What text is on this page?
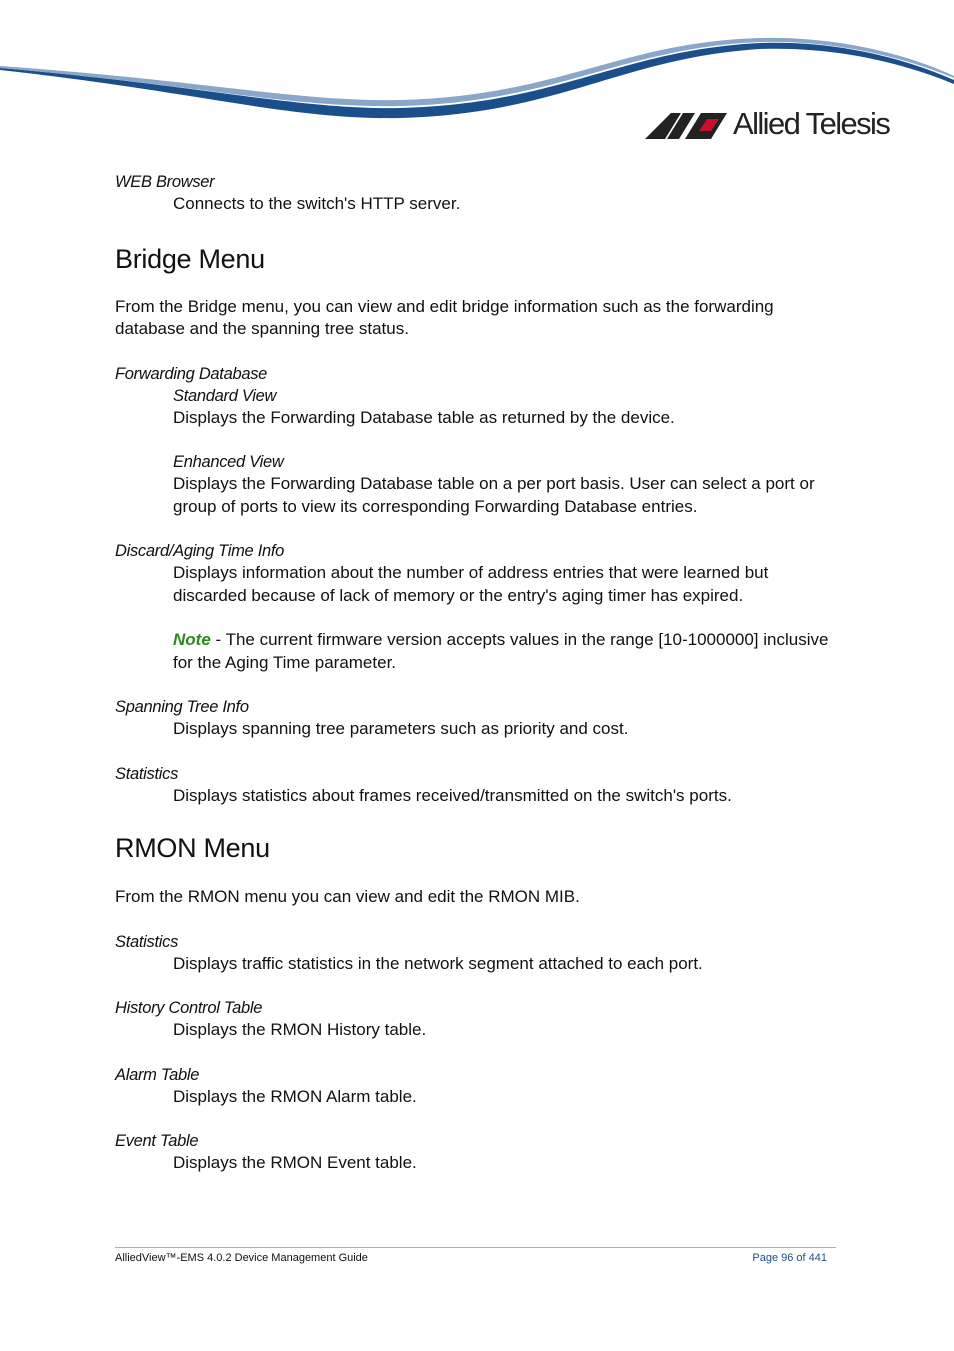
Allied Telesis

WEB Browser

Connects to the switch's HTTP server.

Bridge Menu

From the Bridge menu, you can view and edit bridge information such as the forwarding database and the spanning tree status.

Forwarding Database

Standard View

Displays the Forwarding Database table as returned by the device.

Enhanced View

Displays the Forwarding Database table on a per port basis. User can select a port or group of ports to view its corresponding Forwarding Database entries.

Discard/Aging Time Info

Displays information about the number of address entries that were learned but discarded because of lack of memory or the entry's aging timer has expired.

Note - The current firmware version accepts values in the range [10-1000000] inclusive for the Aging Time parameter.

Spanning Tree Info

Displays spanning tree parameters such as priority and cost.

Statistics

Displays statistics about frames received/transmitted on the switch's ports.

RMON Menu

From the RMON menu you can view and edit the RMON MIB.

Statistics

Displays traffic statistics in the network segment attached to each port.

History Control Table

Displays the RMON History table.

Alarm Table

Displays the RMON Alarm table.

Event Table

Displays the RMON Event table.

AlliedView™-EMS 4.0.2 Device Management Guide	Page 96 of 441
